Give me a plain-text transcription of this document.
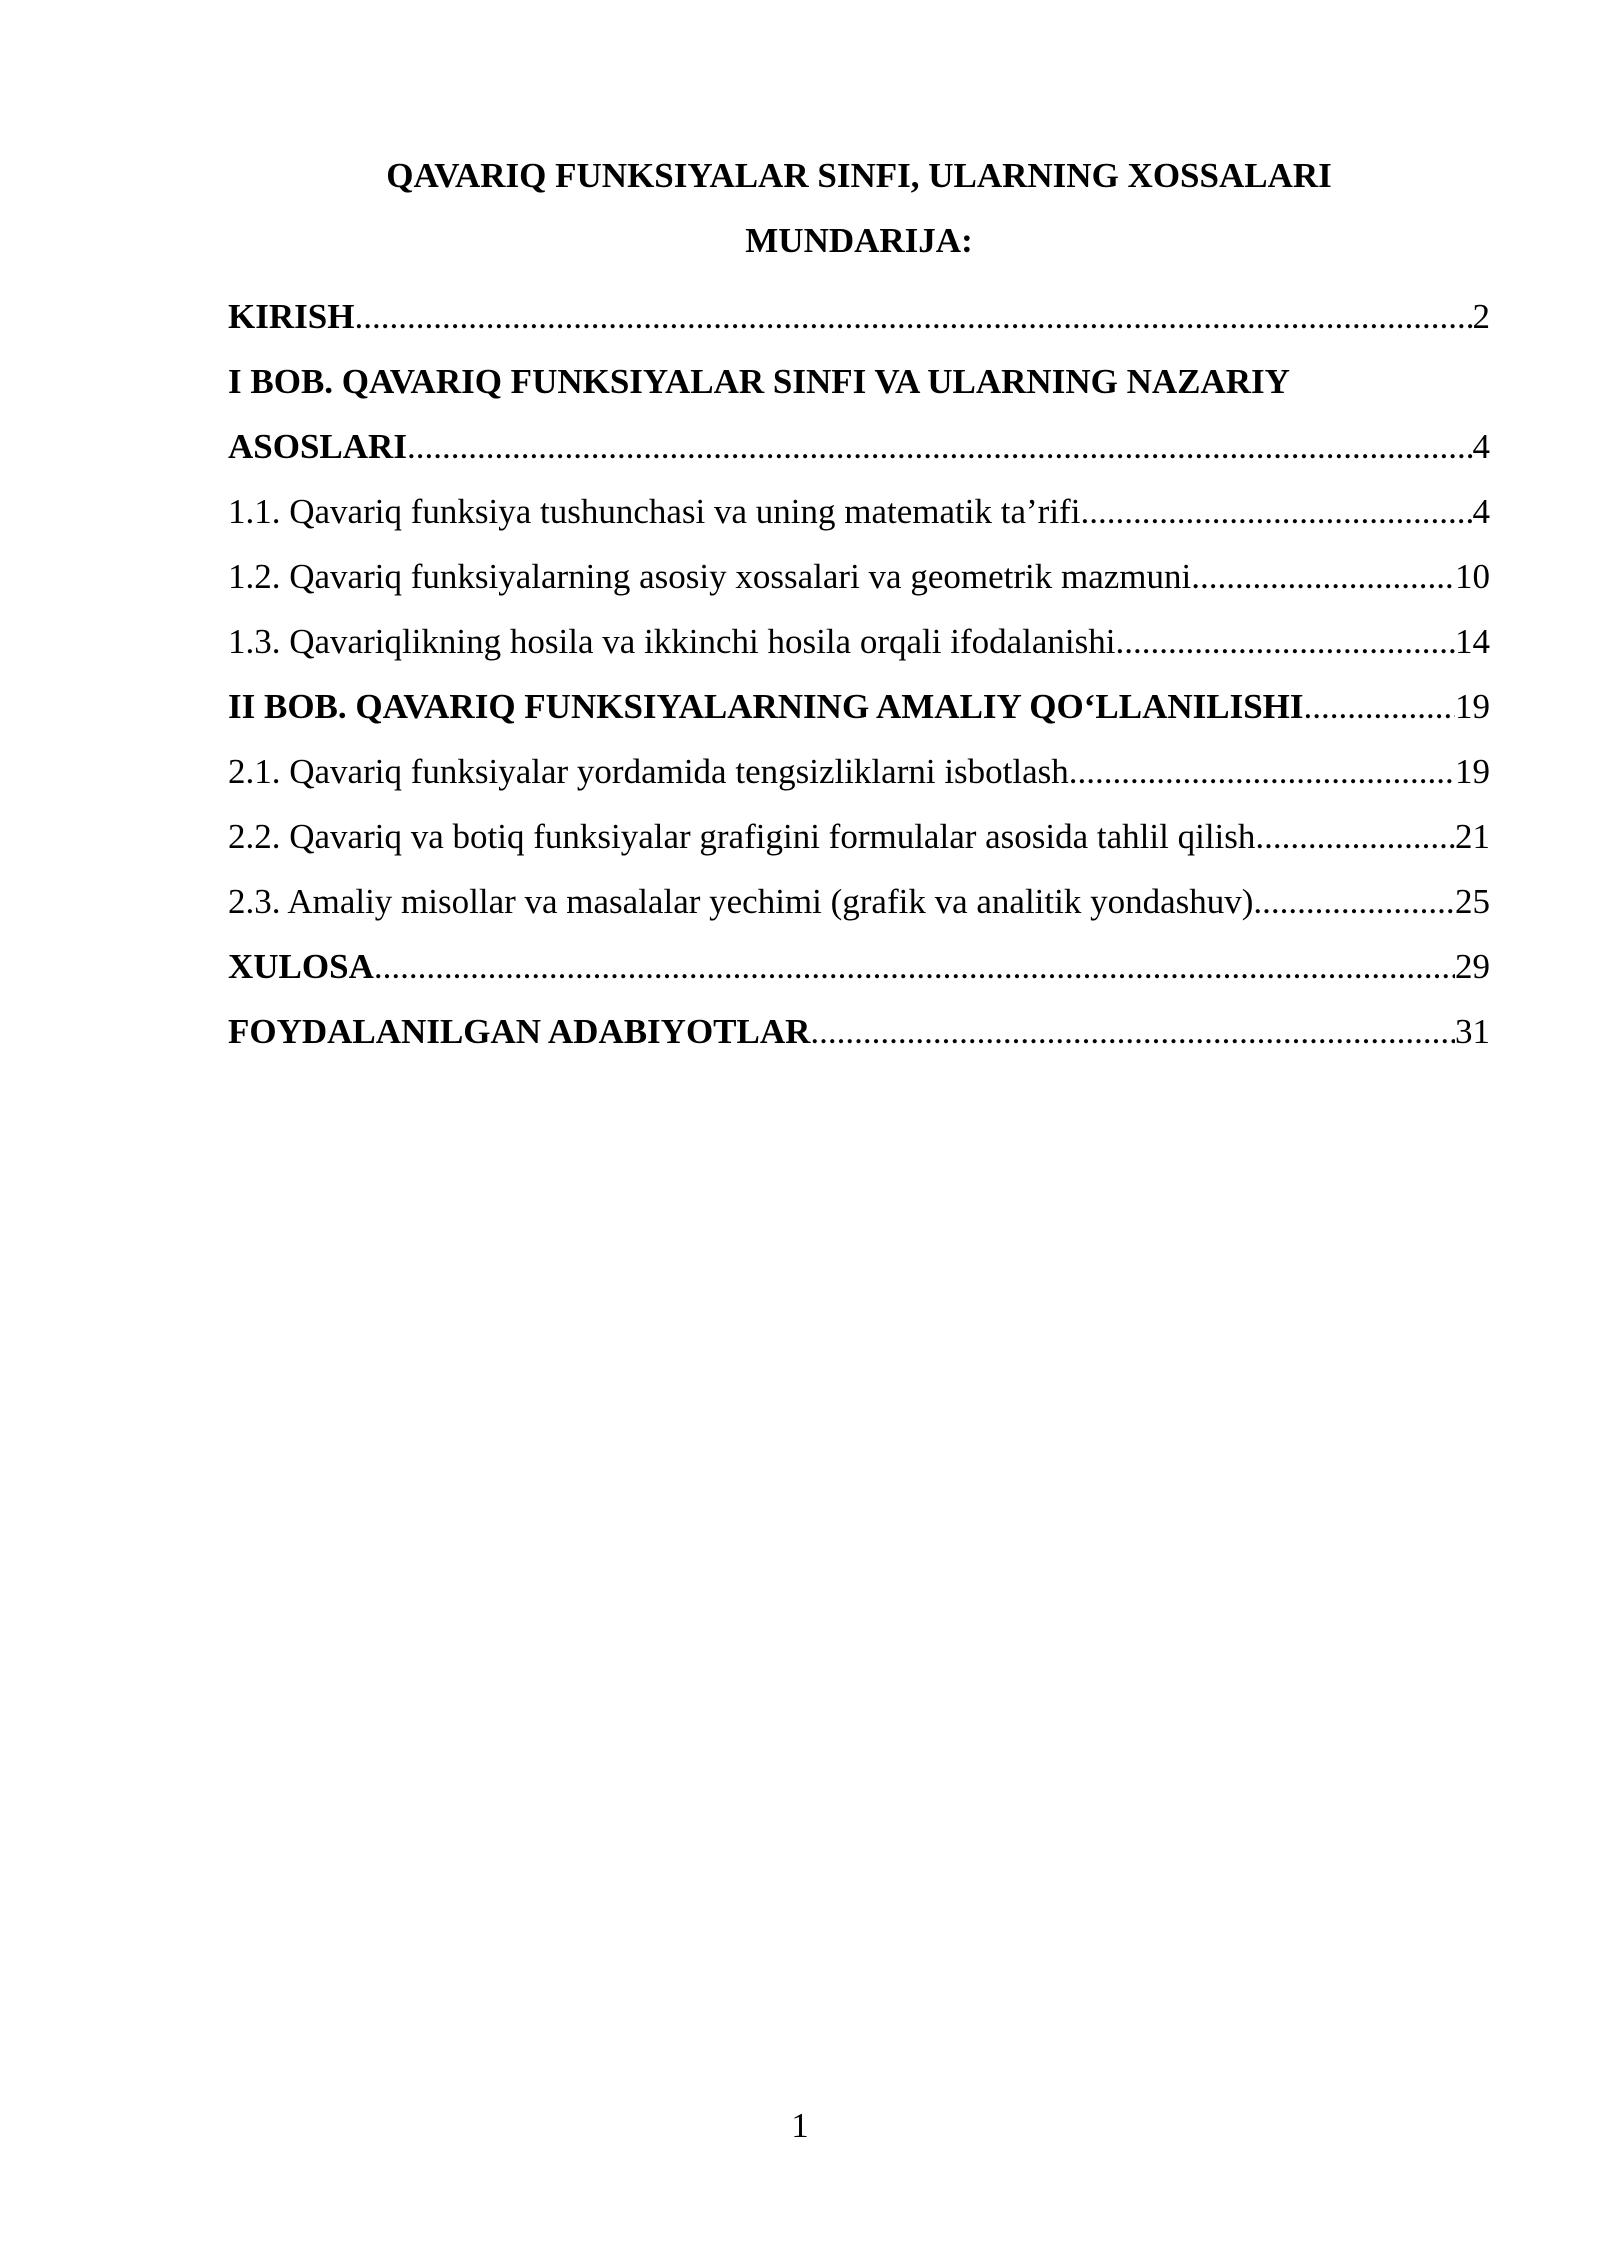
QAVARIQ FUNKSIYALAR SINFI, ULARNING XOSSALARI
MUNDARIJA:
KIRISH .....	2
I BOB. QAVARIQ FUNKSIYALAR SINFI VA ULARNING NAZARIY
ASOSLARI .....	4
1.1. Qavariq funksiya tushunchasi va uning matematik ta’rifi .....	4
1.2. Qavariq funksiyalarning asosiy xossalari va geometrik mazmuni .....	10
1.3. Qavariqlikning hosila va ikkinchi hosila orqali ifodalanishi .....	14
II BOB. QAVARIQ FUNKSIYALARNING AMALIY QO‘LLANILISHI .....	19
2.1. Qavariq funksiyalar yordamida tengsizliklarni isbotlash .....	19
2.2. Qavariq va botiq funksiyalar grafigini formulalar asosida tahlil qilish .....	21
2.3. Amaliy misollar va masalalar yechimi (grafik va analitik yondashuv) .....	25
XULOSA .....	29
FOYDALANILGAN ADABIYOTLAR .....	31
1
